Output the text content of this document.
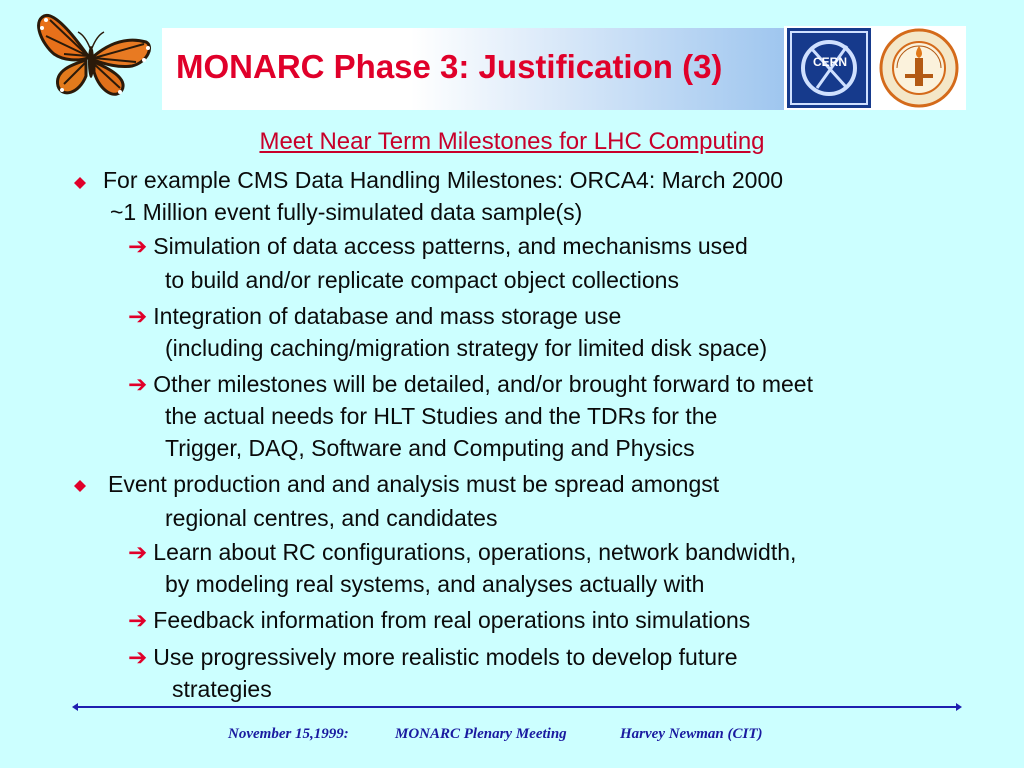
MONARC Phase 3: Justification (3)	CERN
Meet Near Term Milestones for LHC Computing
For example CMS Data Handling Milestones: ORCA4: March 2000
~1 Million event fully-simulated data sample(s)
➔ Simulation of data access patterns, and mechanisms used
to build and/or replicate compact object collections
➔ Integration of database and mass storage use
(including caching/migration strategy for limited disk space)
➔ Other milestones will be detailed, and/or brought forward to meet
the actual needs for HLT Studies and the TDRs for the
Trigger, DAQ, Software and Computing and Physics
Event production and and analysis must be spread amongst
regional centres, and candidates
➔ Learn about RC configurations, operations, network bandwidth,
by modeling real systems, and analyses actually with
➔ Feedback information from real operations into simulations
➔ Use progressively more realistic models to develop future
strategies
November 15,1999:	MONARC Plenary Meeting	Harvey Newman (CIT)
